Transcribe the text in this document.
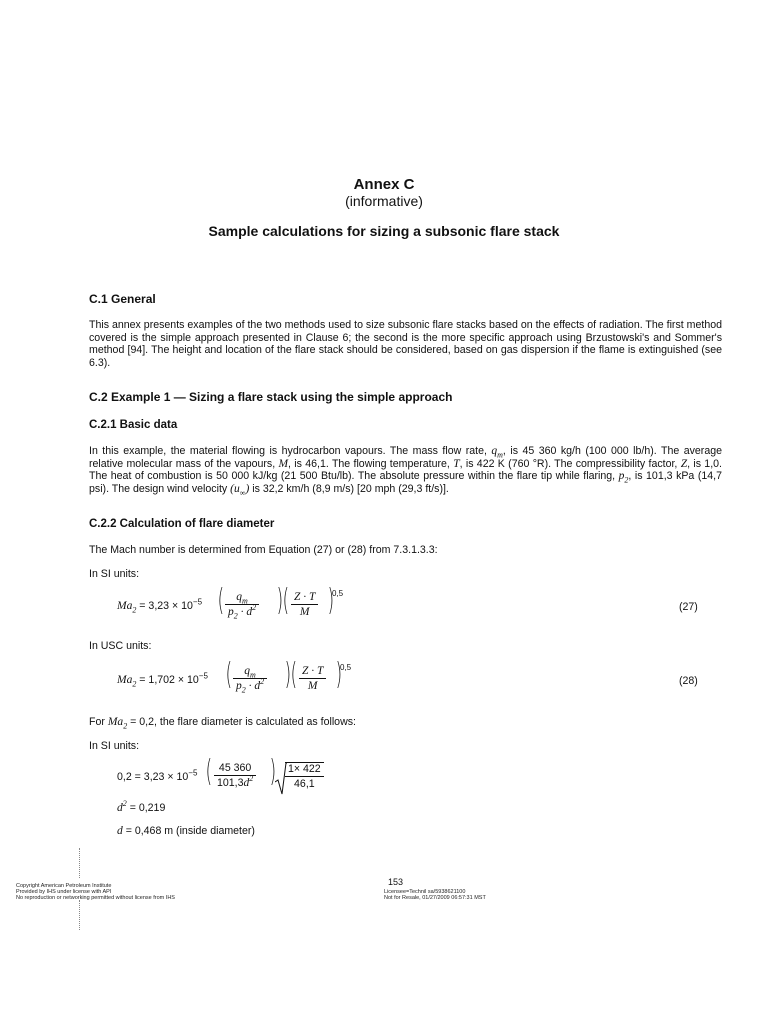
Annex C
(informative)
Sample calculations for sizing a subsonic flare stack
C.1 General
This annex presents examples of the two methods used to size subsonic flare stacks based on the effects of radiation. The first method covered is the simple approach presented in Clause 6; the second is the more specific approach using Brzustowski's and Sommer's method [94]. The height and location of the flare stack should be considered, based on gas dispersion if the flame is extinguished (see 6.3).
C.2 Example 1 — Sizing a flare stack using the simple approach
C.2.1 Basic data
In this example, the material flowing is hydrocarbon vapours. The mass flow rate, $q_m$, is 45 360 kg/h (100 000 lb/h). The average relative molecular mass of the vapours, M, is 46,1. The flowing temperature, T, is 422 K (760 °R). The compressibility factor, Z, is 1,0. The heat of combustion is 50 000 kJ/kg (21 500 Btu/lb). The absolute pressure within the flare tip while flaring, $p_2$, is 101,3 kPa (14,7 psi). The design wind velocity $(u_\infty)$ is 32,2 km/h (8,9 m/s) [20 mph (29,3 ft/s)].
C.2.2 Calculation of flare diameter
The Mach number is determined from Equation (27) or (28) from 7.3.1.3.3:
In SI units:
$Ma_2 = 3,23 \times 10^{-5}$ ( $\frac{q_m}{p_2 \cdot d^2}$ ) ( $\frac{Z \cdot T}{M}$ )
0,5
(27)
In USC units:
$Ma_2 = 1,702 \times 10^{-5}$ ( $\frac{q_m}{p_2 \cdot d^2}$ ) ( $\frac{Z \cdot T}{M}$ )
0,5
(28)
For $Ma_2 = 0,2$, the flare diameter is calculated as follows:
In SI units:
$0,2 = 3,23 \times 10^{-5}$ ( $\frac{45 360}{101,3d^2}$ ) $\frac{1\times 422}{46,1}$
$d^2 = 0,219$
d = 0,468 m (inside diameter)
Copyright American Petroleum Institute
Provided by IHS under license with API
No reproduction or networking permitted without license from IHS
153
Licensee=Technil sa/5938621100
Not for Resale, 01/27/2009 06:57:31 MST
